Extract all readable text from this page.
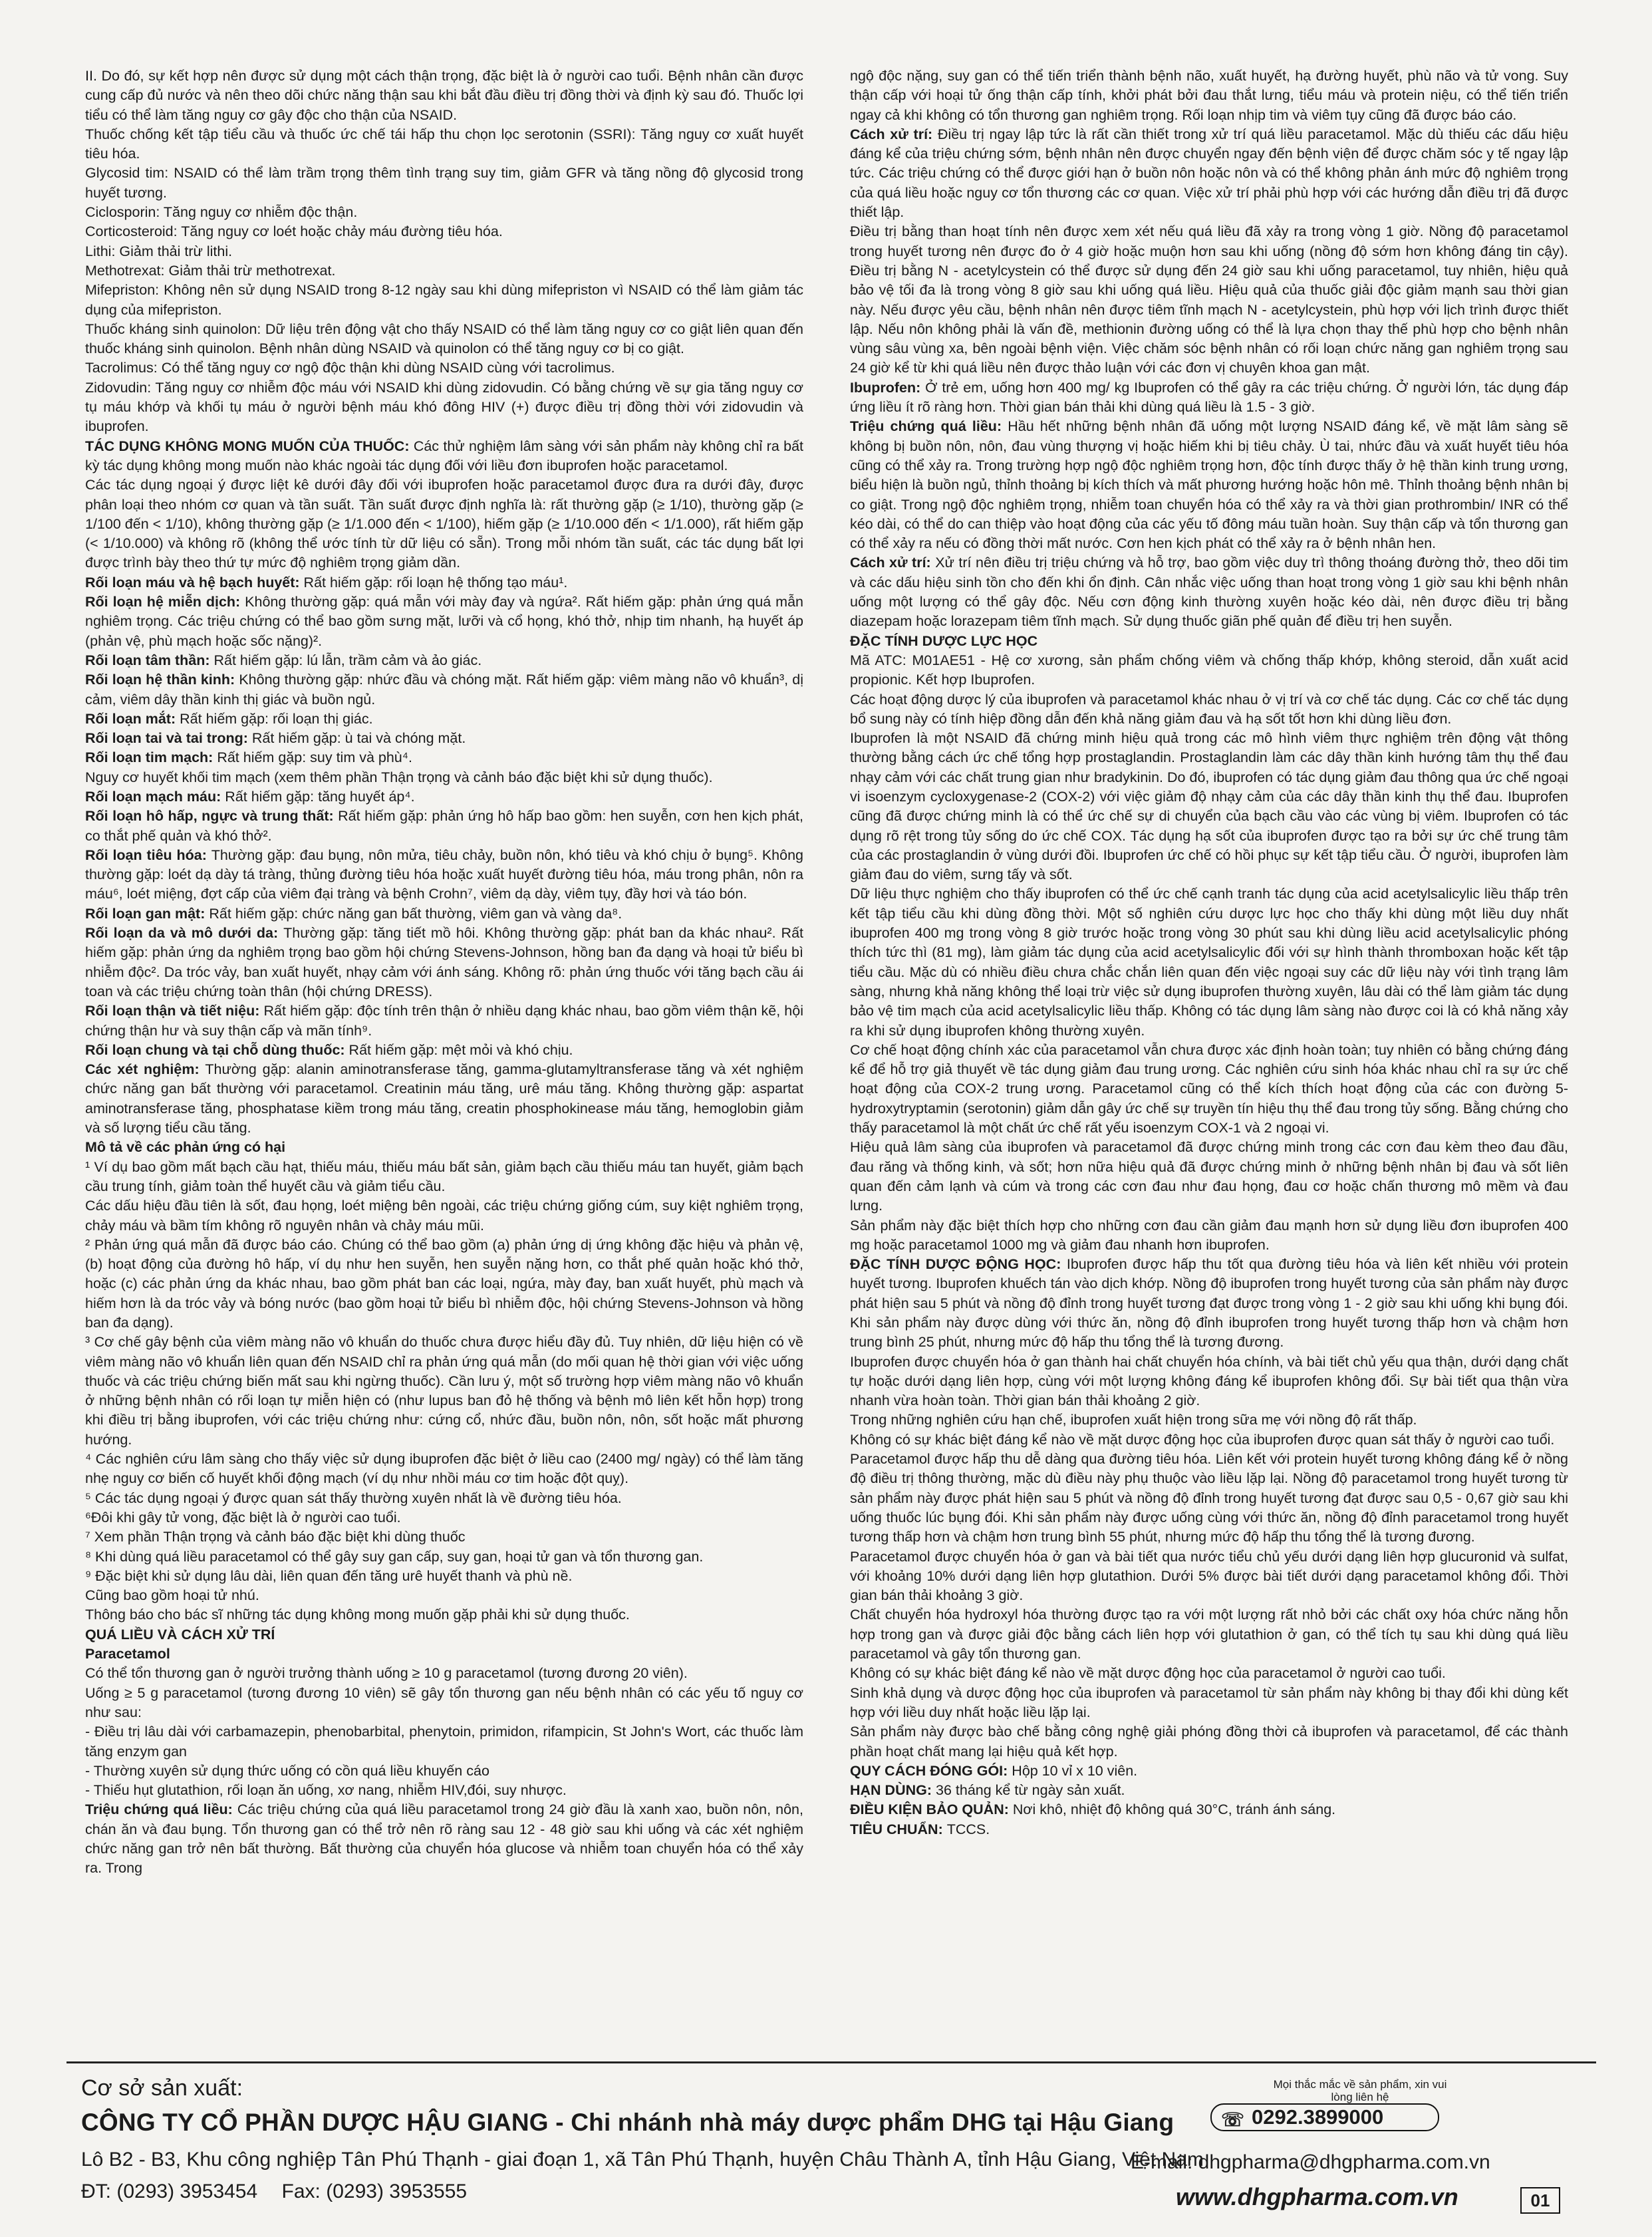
II. Do đó, sự kết hợp nên được sử dụng một cách thận trọng, đặc biệt là ở người cao tuổi. Bệnh nhân cần được cung cấp đủ nước và nên theo dõi chức năng thận sau khi bắt đầu điều trị đồng thời và định kỳ sau đó. Thuốc lợi tiểu có thể làm tăng nguy cơ gây độc cho thận của NSAID.

Thuốc chống kết tập tiểu cầu và thuốc ức chế tái hấp thu chọn lọc serotonin (SSRI): Tăng nguy cơ xuất huyết tiêu hóa.

Glycosid tim: NSAID có thể làm trầm trọng thêm tình trạng suy tim, giảm GFR và tăng nồng độ glycosid trong huyết tương.

Ciclosporin: Tăng nguy cơ nhiễm độc thận.

Corticosteroid: Tăng nguy cơ loét hoặc chảy máu đường tiêu hóa.

Lithi: Giảm thải trừ lithi.

Methotrexat: Giảm thải trừ methotrexat.

Mifepriston: Không nên sử dụng NSAID trong 8-12 ngày sau khi dùng mifepriston vì NSAID có thể làm giảm tác dụng của mifepriston.

Thuốc kháng sinh quinolon: Dữ liệu trên động vật cho thấy NSAID có thể làm tăng nguy cơ co giật liên quan đến thuốc kháng sinh quinolon. Bệnh nhân dùng NSAID và quinolon có thể tăng nguy cơ bị co giật.

Tacrolimus: Có thể tăng nguy cơ ngộ độc thận khi dùng NSAID cùng với tacrolimus.

Zidovudin: Tăng nguy cơ nhiễm độc máu với NSAID khi dùng zidovudin. Có bằng chứng về sự gia tăng nguy cơ tụ máu khớp và khối tụ máu ở người bệnh máu khó đông HIV (+) được điều trị đồng thời với zidovudin và ibuprofen.

TÁC DỤNG KHÔNG MONG MUỐN CỦA THUỐC: Các thử nghiệm lâm sàng với sản phẩm này không chỉ ra bất kỳ tác dụng không mong muốn nào khác ngoài tác dụng đối với liều đơn ibuprofen hoặc paracetamol.

Các tác dụng ngoại ý được liệt kê dưới đây đối với ibuprofen hoặc paracetamol được đưa ra dưới đây, được phân loại theo nhóm cơ quan và tần suất. Tần suất được định nghĩa là: rất thường gặp (≥ 1/10), thường gặp (≥ 1/100 đến < 1/10), không thường gặp (≥ 1/1.000 đến < 1/100), hiếm gặp (≥ 1/10.000 đến < 1/1.000), rất hiếm gặp (< 1/10.000) và không rõ (không thể ước tính từ dữ liệu có sẵn). Trong mỗi nhóm tần suất, các tác dụng bất lợi được trình bày theo thứ tự mức độ nghiêm trọng giảm dần.

Rối loạn máu và hệ bạch huyết: Rất hiếm gặp: rối loạn hệ thống tạo máu¹.

Rối loạn hệ miễn dịch: Không thường gặp: quá mẫn với mày đay và ngứa². Rất hiếm gặp: phản ứng quá mẫn nghiêm trọng. Các triệu chứng có thể bao gồm sưng mặt, lưỡi và cổ họng, khó thở, nhịp tim nhanh, hạ huyết áp (phản vệ, phù mạch hoặc sốc nặng)².

Rối loạn tâm thần: Rất hiếm gặp: lú lẫn, trầm cảm và ảo giác.

Rối loạn hệ thần kinh: Không thường gặp: nhức đầu và chóng mặt. Rất hiếm gặp: viêm màng não vô khuẩn³, dị cảm, viêm dây thần kinh thị giác và buồn ngủ.

Rối loạn mắt: Rất hiếm gặp: rối loạn thị giác.

Rối loạn tai và tai trong: Rất hiếm gặp: ù tai và chóng mặt.

Rối loạn tim mạch: Rất hiếm gặp: suy tim và phù⁴.

Nguy cơ huyết khối tim mạch (xem thêm phần Thận trọng và cảnh báo đặc biệt khi sử dụng thuốc).

Rối loạn mạch máu: Rất hiếm gặp: tăng huyết áp⁴.

Rối loạn hô hấp, ngực và trung thất: Rất hiếm gặp: phản ứng hô hấp bao gồm: hen suyễn, cơn hen kịch phát, co thắt phế quản và khó thở².

Rối loạn tiêu hóa: Thường gặp: đau bụng, nôn mửa, tiêu chảy, buồn nôn, khó tiêu và khó chịu ở bụng⁵. Không thường gặp: loét dạ dày tá tràng, thủng đường tiêu hóa hoặc xuất huyết đường tiêu hóa, máu trong phân, nôn ra máu⁶, loét miệng, đợt cấp của viêm đại tràng và bệnh Crohn⁷, viêm dạ dày, viêm tụy, đầy hơi và táo bón.

Rối loạn gan mật: Rất hiếm gặp: chức năng gan bất thường, viêm gan và vàng da⁸.

Rối loạn da và mô dưới da: Thường gặp: tăng tiết mồ hôi. Không thường gặp: phát ban da khác nhau². Rất hiếm gặp: phản ứng da nghiêm trọng bao gồm hội chứng Stevens-Johnson, hồng ban đa dạng và hoại tử biểu bì nhiễm độc². Da tróc vảy, ban xuất huyết, nhạy cảm với ánh sáng. Không rõ: phản ứng thuốc với tăng bạch cầu ái toan và các triệu chứng toàn thân (hội chứng DRESS).

Rối loạn thận và tiết niệu: Rất hiếm gặp: độc tính trên thận ở nhiều dạng khác nhau, bao gồm viêm thận kẽ, hội chứng thận hư và suy thận cấp và mãn tính⁹.

Rối loạn chung và tại chỗ dùng thuốc: Rất hiếm gặp: mệt mỏi và khó chịu.

Các xét nghiệm: Thường gặp: alanin aminotransferase tăng, gamma-glutamyltransferase tăng và xét nghiệm chức năng gan bất thường với paracetamol. Creatinin máu tăng, urê máu tăng. Không thường gặp: aspartat aminotransferase tăng, phosphatase kiềm trong máu tăng, creatin phosphokinease máu tăng, hemoglobin giảm và số lượng tiểu cầu tăng.

Mô tả về các phản ứng có hại

¹ Ví dụ bao gồm mất bạch cầu hạt, thiếu máu, thiếu máu bất sản, giảm bạch cầu thiếu máu tan huyết, giảm bạch cầu trung tính, giảm toàn thể huyết cầu và giảm tiểu cầu.

Các dấu hiệu đầu tiên là sốt, đau họng, loét miệng bên ngoài, các triệu chứng giống cúm, suy kiệt nghiêm trọng, chảy máu và bầm tím không rõ nguyên nhân và chảy máu mũi.

² Phản ứng quá mẫn đã được báo cáo. Chúng có thể bao gồm (a) phản ứng dị ứng không đặc hiệu và phản vệ, (b) hoạt động của đường hô hấp, ví dụ như hen suyễn, hen suyễn nặng hơn, co thắt phế quản hoặc khó thở, hoặc (c) các phản ứng da khác nhau, bao gồm phát ban các loại, ngứa, mày đay, ban xuất huyết, phù mạch và hiếm hơn là da tróc vảy và bóng nước (bao gồm hoại tử biểu bì nhiễm độc, hội chứng Stevens-Johnson và hồng ban đa dạng).

³ Cơ chế gây bệnh của viêm màng não vô khuẩn do thuốc chưa được hiểu đầy đủ. Tuy nhiên, dữ liệu hiện có về viêm màng não vô khuẩn liên quan đến NSAID chỉ ra phản ứng quá mẫn (do mối quan hệ thời gian với việc uống thuốc và các triệu chứng biến mất sau khi ngừng thuốc). Cần lưu ý, một số trường hợp viêm màng não vô khuẩn ở những bệnh nhân có rối loạn tự miễn hiện có (như lupus ban đỏ hệ thống và bệnh mô liên kết hỗn hợp) trong khi điều trị bằng ibuprofen, với các triệu chứng như: cứng cổ, nhức đầu, buồn nôn, nôn, sốt hoặc mất phương hướng.

⁴ Các nghiên cứu lâm sàng cho thấy việc sử dụng ibuprofen đặc biệt ở liều cao (2400 mg/ ngày) có thể làm tăng nhẹ nguy cơ biến cố huyết khối động mạch (ví dụ như nhồi máu cơ tim hoặc đột quỵ).

⁵ Các tác dụng ngoại ý được quan sát thấy thường xuyên nhất là về đường tiêu hóa.

⁶Đôi khi gây tử vong, đặc biệt là ở người cao tuổi.

⁷ Xem phần Thận trọng và cảnh báo đặc biệt khi dùng thuốc

⁸ Khi dùng quá liều paracetamol có thể gây suy gan cấp, suy gan, hoại tử gan và tổn thương gan.

⁹ Đặc biệt khi sử dụng lâu dài, liên quan đến tăng urê huyết thanh và phù nề.

Cũng bao gồm hoại tử nhú.

Thông báo cho bác sĩ những tác dụng không mong muốn gặp phải khi sử dụng thuốc.

QUÁ LIỀU VÀ CÁCH XỬ TRÍ
Paracetamol

Có thể tổn thương gan ở người trưởng thành uống ≥ 10 g paracetamol (tương đương 20 viên).

Uống ≥ 5 g paracetamol (tương đương 10 viên) sẽ gây tổn thương gan nếu bệnh nhân có các yếu tố nguy cơ như sau:

- Điều trị lâu dài với carbamazepin, phenobarbital, phenytoin, primidon, rifampicin, St John's Wort, các thuốc làm tăng enzym gan

- Thường xuyên sử dụng thức uống có cồn quá liều khuyến cáo

- Thiếu hụt glutathion, rối loạn ăn uống, xơ nang, nhiễm HIV,đói, suy nhược.

Triệu chứng quá liều: Các triệu chứng của quá liều paracetamol trong 24 giờ đầu là xanh xao, buồn nôn, nôn, chán ăn và đau bụng. Tổn thương gan có thể trở nên rõ ràng sau 12 - 48 giờ sau khi uống và các xét nghiệm chức năng gan trở nên bất thường. Bất thường của chuyển hóa glucose và nhiễm toan chuyển hóa có thể xảy ra. Trong

ngộ độc nặng, suy gan có thể tiến triển thành bệnh não, xuất huyết, hạ đường huyết, phù não và tử vong. Suy thận cấp với hoại tử ống thận cấp tính, khởi phát bởi đau thắt lưng, tiểu máu và protein niệu, có thể tiến triển ngay cả khi không có tổn thương gan nghiêm trọng. Rối loạn nhịp tim và viêm tụy cũng đã được báo cáo.

Cách xử trí: Điều trị ngay lập tức là rất cần thiết trong xử trí quá liều paracetamol. Mặc dù thiếu các dấu hiệu đáng kể của triệu chứng sớm, bệnh nhân nên được chuyển ngay đến bệnh viện để được chăm sóc y tế ngay lập tức. Các triệu chứng có thể được giới hạn ở buồn nôn hoặc nôn và có thể không phản ánh mức độ nghiêm trọng của quá liều hoặc nguy cơ tổn thương các cơ quan. Việc xử trí phải phù hợp với các hướng dẫn điều trị đã được thiết lập.

Điều trị bằng than hoạt tính nên được xem xét nếu quá liều đã xảy ra trong vòng 1 giờ. Nồng độ paracetamol trong huyết tương nên được đo ở 4 giờ hoặc muộn hơn sau khi uống (nồng độ sớm hơn không đáng tin cậy). Điều trị bằng N - acetylcystein có thể được sử dụng đến 24 giờ sau khi uống paracetamol, tuy nhiên, hiệu quả bảo vệ tối đa là trong vòng 8 giờ sau khi uống quá liều. Hiệu quả của thuốc giải độc giảm mạnh sau thời gian này. Nếu được yêu cầu, bệnh nhân nên được tiêm tĩnh mạch N - acetylcystein, phù hợp với lịch trình được thiết lập. Nếu nôn không phải là vấn đề, methionin đường uống có thể là lựa chọn thay thế phù hợp cho bệnh nhân vùng sâu vùng xa, bên ngoài bệnh viện. Việc chăm sóc bệnh nhân có rối loạn chức năng gan nghiêm trọng sau 24 giờ kể từ khi quá liều nên được thảo luận với các đơn vị chuyên khoa gan mật.

Ibuprofen: Ở trẻ em, uống hơn 400 mg/ kg Ibuprofen có thể gây ra các triệu chứng. Ở người lớn, tác dụng đáp ứng liều ít rõ ràng hơn. Thời gian bán thải khi dùng quá liều là 1.5 - 3 giờ.

Triệu chứng quá liều: Hầu hết những bệnh nhân đã uống một lượng NSAID đáng kể, về mặt lâm sàng sẽ không bị buồn nôn, nôn, đau vùng thượng vị hoặc hiếm khi bị tiêu chảy. Ù tai, nhức đầu và xuất huyết tiêu hóa cũng có thể xảy ra. Trong trường hợp ngộ độc nghiêm trọng hơn, độc tính được thấy ở hệ thần kinh trung ương, biểu hiện là buồn ngủ, thỉnh thoảng bị kích thích và mất phương hướng hoặc hôn mê. Thỉnh thoảng bệnh nhân bị co giật. Trong ngộ độc nghiêm trọng, nhiễm toan chuyển hóa có thể xảy ra và thời gian prothrombin/ INR có thể kéo dài, có thể do can thiệp vào hoạt động của các yếu tố đông máu tuần hoàn. Suy thận cấp và tổn thương gan có thể xảy ra nếu có đồng thời mất nước. Cơn hen kịch phát có thể xảy ra ở bệnh nhân hen.

Cách xử trí: Xử trí nên điều trị triệu chứng và hỗ trợ, bao gồm việc duy trì thông thoáng đường thở, theo dõi tim và các dấu hiệu sinh tồn cho đến khi ổn định. Cân nhắc việc uống than hoạt trong vòng 1 giờ sau khi bệnh nhân uống một lượng có thể gây độc. Nếu cơn động kinh thường xuyên hoặc kéo dài, nên được điều trị bằng diazepam hoặc lorazepam tiêm tĩnh mạch. Sử dụng thuốc giãn phế quản để điều trị hen suyễn.

ĐẶC TÍNH DƯỢC LỰC HỌC

Mã ATC: M01AE51 - Hệ cơ xương, sản phẩm chống viêm và chống thấp khớp, không steroid, dẫn xuất acid propionic. Kết hợp Ibuprofen.

Các hoạt động dược lý của ibuprofen và paracetamol khác nhau ở vị trí và cơ chế tác dụng. Các cơ chế tác dụng bổ sung này có tính hiệp đồng dẫn đến khả năng giảm đau và hạ sốt tốt hơn khi dùng liều đơn.

Ibuprofen là một NSAID đã chứng minh hiệu quả trong các mô hình viêm thực nghiệm trên động vật thông thường bằng cách ức chế tổng hợp prostaglandin. Prostaglandin làm các dây thần kinh hướng tâm thụ thể đau nhạy cảm với các chất trung gian như bradykinin. Do đó, ibuprofen có tác dụng giảm đau thông qua ức chế ngoại vi isoenzym cycloxygenase-2 (COX-2) với việc giảm độ nhạy cảm của các dây thần kinh thụ thể đau. Ibuprofen cũng đã được chứng minh là có thể ức chế sự di chuyển của bạch cầu vào các vùng bị viêm. Ibuprofen có tác dụng rõ rệt trong tủy sống do ức chế COX. Tác dụng hạ sốt của ibuprofen được tạo ra bởi sự ức chế trung tâm của các prostaglandin ở vùng dưới đồi. Ibuprofen ức chế có hồi phục sự kết tập tiểu cầu. Ở người, ibuprofen làm giảm đau do viêm, sưng tấy và sốt.

Dữ liệu thực nghiệm cho thấy ibuprofen có thể ức chế cạnh tranh tác dụng của acid acetylsalicylic liều thấp trên kết tập tiểu cầu khi dùng đồng thời. Một số nghiên cứu dược lực học cho thấy khi dùng một liều duy nhất ibuprofen 400 mg trong vòng 8 giờ trước hoặc trong vòng 30 phút sau khi dùng liều acid acetylsalicylic phóng thích tức thì (81 mg), làm giảm tác dụng của acid acetylsalicylic đối với sự hình thành thromboxan hoặc kết tập tiểu cầu. Mặc dù có nhiều điều chưa chắc chắn liên quan đến việc ngoại suy các dữ liệu này với tình trạng lâm sàng, nhưng khả năng không thể loại trừ việc sử dụng ibuprofen thường xuyên, lâu dài có thể làm giảm tác dụng bảo vệ tim mạch của acid acetylsalicylic liều thấp. Không có tác dụng lâm sàng nào được coi là có khả năng xảy ra khi sử dụng ibuprofen không thường xuyên.

Cơ chế hoạt động chính xác của paracetamol vẫn chưa được xác định hoàn toàn; tuy nhiên có bằng chứng đáng kể để hỗ trợ giả thuyết về tác dụng giảm đau trung ương. Các nghiên cứu sinh hóa khác nhau chỉ ra sự ức chế hoạt động của COX-2 trung ương. Paracetamol cũng có thể kích thích hoạt động của các con đường 5-hydroxytryptamin (serotonin) giảm dẫn gây ức chế sự truyền tín hiệu thụ thể đau trong tủy sống. Bằng chứng cho thấy paracetamol là một chất ức chế rất yếu isoenzym COX-1 và 2 ngoại vi.

Hiệu quả lâm sàng của ibuprofen và paracetamol đã được chứng minh trong các cơn đau kèm theo đau đầu, đau răng và thống kinh, và sốt; hơn nữa hiệu quả đã được chứng minh ở những bệnh nhân bị đau và sốt liên quan đến cảm lạnh và cúm và trong các cơn đau như đau họng, đau cơ hoặc chấn thương mô mềm và đau lưng.

Sản phẩm này đặc biệt thích hợp cho những cơn đau cần giảm đau mạnh hơn sử dụng liều đơn ibuprofen 400 mg hoặc paracetamol 1000 mg và giảm đau nhanh hơn ibuprofen.

ĐẶC TÍNH DƯỢC ĐỘNG HỌC: Ibuprofen được hấp thu tốt qua đường tiêu hóa và liên kết nhiều với protein huyết tương. Ibuprofen khuếch tán vào dịch khớp. Nồng độ ibuprofen trong huyết tương của sản phẩm này được phát hiện sau 5 phút và nồng độ đỉnh trong huyết tương đạt được trong vòng 1 - 2 giờ sau khi uống khi bụng đói. Khi sản phẩm này được dùng với thức ăn, nồng độ đỉnh ibuprofen trong huyết tương thấp hơn và chậm hơn trung bình 25 phút, nhưng mức độ hấp thu tổng thể là tương đương.

Ibuprofen được chuyển hóa ở gan thành hai chất chuyển hóa chính, và bài tiết chủ yếu qua thận, dưới dạng chất tự hoặc dưới dạng liên hợp, cùng với một lượng không đáng kể ibuprofen không đổi. Sự bài tiết qua thận vừa nhanh vừa hoàn toàn. Thời gian bán thải khoảng 2 giờ.

Trong những nghiên cứu hạn chế, ibuprofen xuất hiện trong sữa mẹ với nồng độ rất thấp.

Không có sự khác biệt đáng kể nào về mặt dược động học của ibuprofen được quan sát thấy ở người cao tuổi.

Paracetamol được hấp thu dễ dàng qua đường tiêu hóa. Liên kết với protein huyết tương không đáng kể ở nồng độ điều trị thông thường, mặc dù điều này phụ thuộc vào liều lặp lại. Nồng độ paracetamol trong huyết tương từ sản phẩm này được phát hiện sau 5 phút và nồng độ đỉnh trong huyết tương đạt được sau 0,5 - 0,67 giờ sau khi uống thuốc lúc bụng đói. Khi sản phẩm này được uống cùng với thức ăn, nồng độ đỉnh paracetamol trong huyết tương thấp hơn và chậm hơn trung bình 55 phút, nhưng mức độ hấp thu tổng thể là tương đương.

Paracetamol được chuyển hóa ở gan và bài tiết qua nước tiểu chủ yếu dưới dạng liên hợp glucuronid và sulfat, với khoảng 10% dưới dạng liên hợp glutathion. Dưới 5% được bài tiết dưới dạng paracetamol không đổi. Thời gian bán thải khoảng 3 giờ.

Chất chuyển hóa hydroxyl hóa thường được tạo ra với một lượng rất nhỏ bởi các chất oxy hóa chức năng hỗn hợp trong gan và được giải độc bằng cách liên hợp với glutathion ở gan, có thể tích tụ sau khi dùng quá liều paracetamol và gây tổn thương gan.

Không có sự khác biệt đáng kể nào về mặt dược động học của paracetamol ở người cao tuổi.

Sinh khả dụng và dược động học của ibuprofen và paracetamol từ sản phẩm này không bị thay đổi khi dùng kết hợp với liều duy nhất hoặc liều lặp lại.

Sản phẩm này được bào chế bằng công nghệ giải phóng đồng thời cả ibuprofen và paracetamol, để các thành phần hoạt chất mang lại hiệu quả kết hợp.

QUY CÁCH ĐÓNG GÓI: Hộp 10 vỉ x 10 viên.

HẠN DÙNG: 36 tháng kể từ ngày sản xuất.

ĐIỀU KIỆN BẢO QUẢN: Nơi khô, nhiệt độ không quá 30°C, tránh ánh sáng.

TIÊU CHUẨN: TCCS.

Cơ sở sản xuất:
CÔNG TY CỔ PHẦN DƯỢC HẬU GIANG - Chi nhánh nhà máy dược phẩm DHG tại Hậu Giang
Lô B2 - B3, Khu công nghiệp Tân Phú Thạnh - giai đoạn 1, xã Tân Phú Thạnh, huyện Châu Thành A, tỉnh Hậu Giang, Việt Nam
ĐT: (0293) 3953454 Fax: (0293) 3953555
Mọi thắc mắc về sản phẩm, xin vui lòng liên hệ
☏ 0292.3899000
E-mail: dhgpharma@dhgpharma.com.vn
www.dhgpharma.com.vn	01
